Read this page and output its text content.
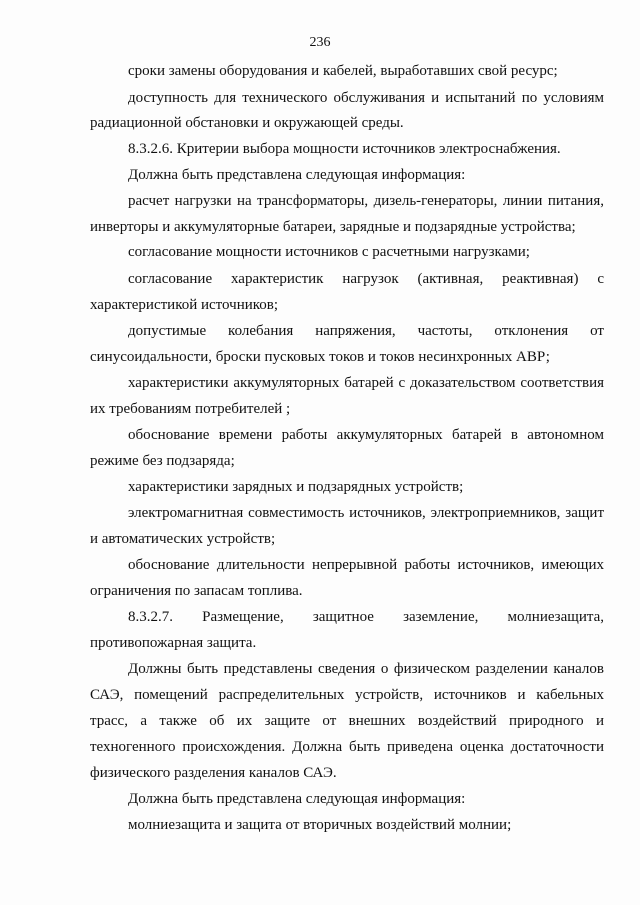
236
сроки замены оборудования и кабелей, выработавших свой ресурс;
доступность для технического обслуживания и испытаний по условиям
радиационной обстановки и окружающей среды.
8.3.2.6. Критерии выбора мощности источников электроснабжения.
Должна быть представлена следующая информация:
расчет нагрузки на трансформаторы, дизель-генераторы, линии питания,
инверторы и аккумуляторные батареи, зарядные и подзарядные устройства;
согласование мощности источников с расчетными нагрузками;
согласование характеристик нагрузок (активная, реактивная) с
характеристикой источников;
допустимые колебания напряжения, частоты, отклонения от
синусоидальности, броски пусковых токов и токов несинхронных АВР;
характеристики аккумуляторных батарей с доказательством соответствия
их требованиям потребителей ;
обоснование времени работы аккумуляторных батарей в автономном
режиме без подзаряда;
характеристики зарядных и подзарядных устройств;
электромагнитная совместимость источников, электроприемников, защит
и автоматических устройств;
обоснование длительности непрерывной работы источников, имеющих
ограничения по запасам топлива.
8.3.2.7. Размещение, защитное заземление, молниезащита,
противопожарная защита.
Должны быть представлены сведения о физическом разделении каналов
САЭ, помещений распределительных устройств, источников и кабельных
трасс, а также об их защите от внешних воздействий природного и
техногенного происхождения. Должна быть приведена оценка достаточности
физического разделения каналов САЭ.
Должна быть представлена следующая информация:
молниезащита и защита от вторичных воздействий молнии;
